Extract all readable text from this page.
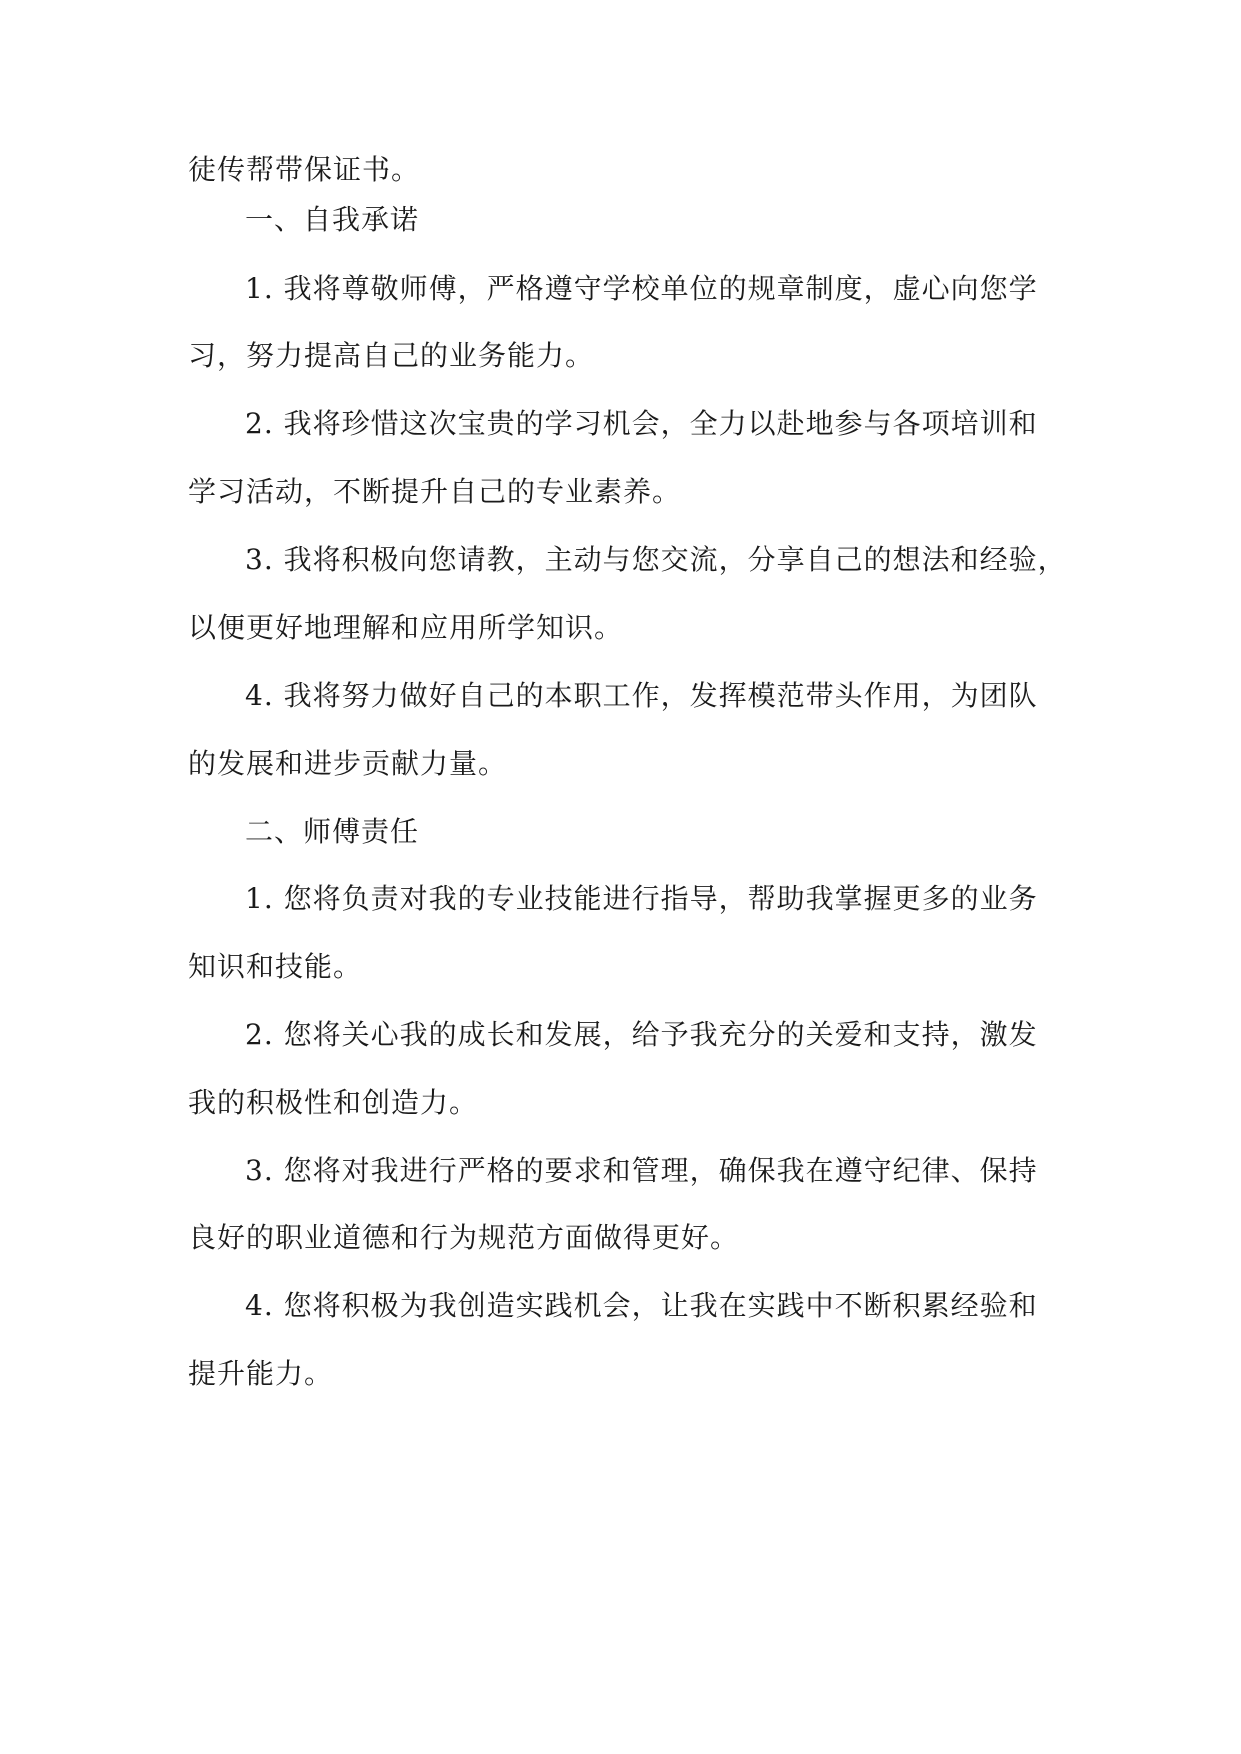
徒传帮带保证书。
一、自我承诺
1. 我将尊敬师傅，严格遵守学校单位的规章制度，虚心向您学
习，努力提高自己的业务能力。
2. 我将珍惜这次宝贵的学习机会，全力以赴地参与各项培训和
学习活动，不断提升自己的专业素养。
3. 我将积极向您请教，主动与您交流，分享自己的想法和经验，
以便更好地理解和应用所学知识。
4. 我将努力做好自己的本职工作，发挥模范带头作用，为团队
的发展和进步贡献力量。
二、师傅责任
1. 您将负责对我的专业技能进行指导，帮助我掌握更多的业务
知识和技能。
2. 您将关心我的成长和发展，给予我充分的关爱和支持，激发
我的积极性和创造力。
3. 您将对我进行严格的要求和管理，确保我在遵守纪律、保持
良好的职业道德和行为规范方面做得更好。
4. 您将积极为我创造实践机会，让我在实践中不断积累经验和
提升能力。
